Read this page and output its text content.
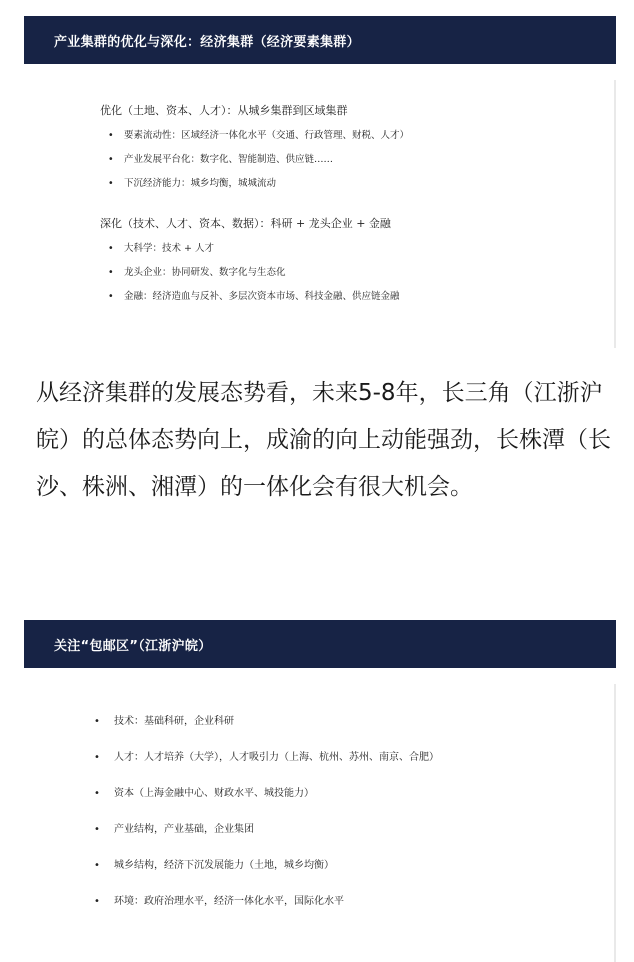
产业集群的优化与深化：经济集群（经济要素集群）
优化（土地、资本、人才）：从城乡集群到区域集群
• 要素流动性：区域经济一体化水平（交通、行政管理、财税、人才）
• 产业发展平台化：数字化、智能制造、供应链……
• 下沉经济能力：城乡均衡，城城流动
深化（技术、人才、资本、数据）：科研 + 龙头企业 + 金融
• 大科学：技术 + 人才
• 龙头企业：协同研发、数字化与生态化
• 金融：经济造血与反补、多层次资本市场、科技金融、供应链金融

从经济集群的发展态势看，未来5-8年，长三角（江浙沪皖）的总体态势向上，成渝的向上动能强劲，长株潭（长沙、株洲、湘潭）的一体化会有很大机会。

关注“包邮区”（江浙沪皖）
• 技术：基础科研，企业科研
• 人才：人才培养（大学），人才吸引力（上海、杭州、苏州、南京、合肥）
• 资本（上海金融中心、财政水平、城投能力）
• 产业结构，产业基础，企业集团
• 城乡结构，经济下沉发展能力（土地，城乡均衡）
• 环境：政府治理水平，经济一体化水平，国际化水平
